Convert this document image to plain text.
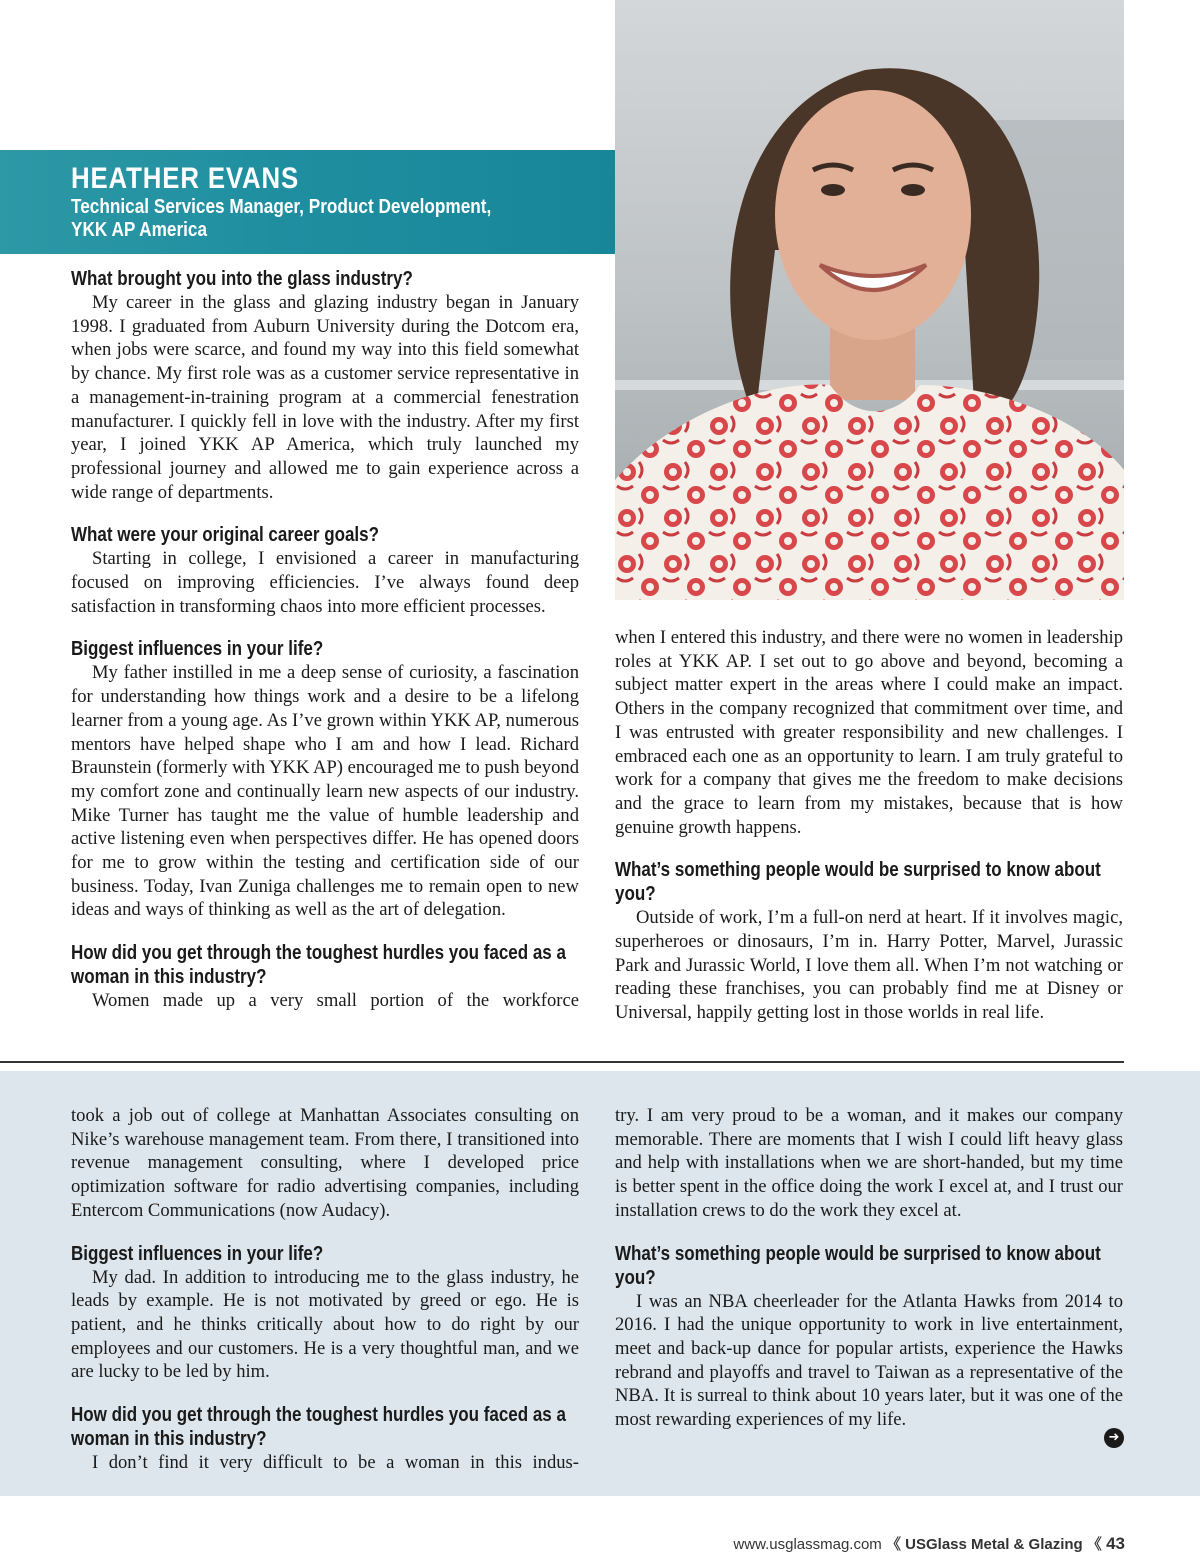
HEATHER EVANS
Technical Services Manager, Product Development,
YKK AP America

What brought you into the glass industry?

My career in the glass and glazing industry began in January 1998. I graduated from Auburn University during the Dotcom era, when jobs were scarce, and found my way into this field somewhat by chance. My first role was as a customer service representative in a management-in-training program at a commercial fenestration manufacturer. I quickly fell in love with the industry. After my first year, I joined YKK AP America, which truly launched my professional journey and allowed me to gain experience across a wide range of departments.

What were your original career goals?

Starting in college, I envisioned a career in manufacturing focused on improving efficiencies. I’ve always found deep satisfaction in transforming chaos into more efficient processes.

Biggest influences in your life?

My father instilled in me a deep sense of curiosity, a fascination for understanding how things work and a desire to be a lifelong learner from a young age. As I’ve grown within YKK AP, numerous mentors have helped shape who I am and how I lead. Richard Braunstein (formerly with YKK AP) encouraged me to push beyond my comfort zone and continually learn new aspects of our industry. Mike Turner has taught me the value of humble leadership and active listening even when perspectives differ. He has opened doors for me to grow within the testing and certification side of our business. Today, Ivan Zuniga challenges me to remain open to new ideas and ways of thinking as well as the art of delegation.

How did you get through the toughest hurdles you faced as a woman in this industry?

Women made up a very small portion of the workforce

when I entered this industry, and there were no women in leadership roles at YKK AP. I set out to go above and beyond, becoming a subject matter expert in the areas where I could make an impact. Others in the company recognized that commitment over time, and I was entrusted with greater responsibility and new challenges. I embraced each one as an opportunity to learn. I am truly grateful to work for a company that gives me the freedom to make decisions and the grace to learn from my mistakes, because that is how genuine growth happens.

What’s something people would be surprised to know about you?

Outside of work, I’m a full-on nerd at heart. If it involves magic, superheroes or dinosaurs, I’m in. Harry Potter, Marvel, Jurassic Park and Jurassic World, I love them all. When I’m not watching or reading these franchises, you can probably find me at Disney or Universal, happily getting lost in those worlds in real life.

took a job out of college at Manhattan Associates consulting on Nike’s warehouse management team. From there, I transitioned into revenue management consulting, where I developed price optimization software for radio advertising companies, including Entercom Communications (now Audacy).

Biggest influences in your life?

My dad. In addition to introducing me to the glass industry, he leads by example. He is not motivated by greed or ego. He is patient, and he thinks critically about how to do right by our employees and our customers. He is a very thoughtful man, and we are lucky to be led by him.

How did you get through the toughest hurdles you faced as a woman in this industry?

I don’t find it very difficult to be a woman in this indus-

try. I am very proud to be a woman, and it makes our company memorable. There are moments that I wish I could lift heavy glass and help with installations when we are short-handed, but my time is better spent in the office doing the work I excel at, and I trust our installation crews to do the work they excel at.

What’s something people would be surprised to know about you?

I was an NBA cheerleader for the Atlanta Hawks from 2014 to 2016. I had the unique opportunity to work in live entertainment, meet and back-up dance for popular artists, experience the Hawks rebrand and playoffs and travel to Taiwan as a representative of the NBA. It is surreal to think about 10 years later, but it was one of the most rewarding experiences of my life.

➜
www.usglassmag.com 《 USGlass Metal & Glazing 《 43
